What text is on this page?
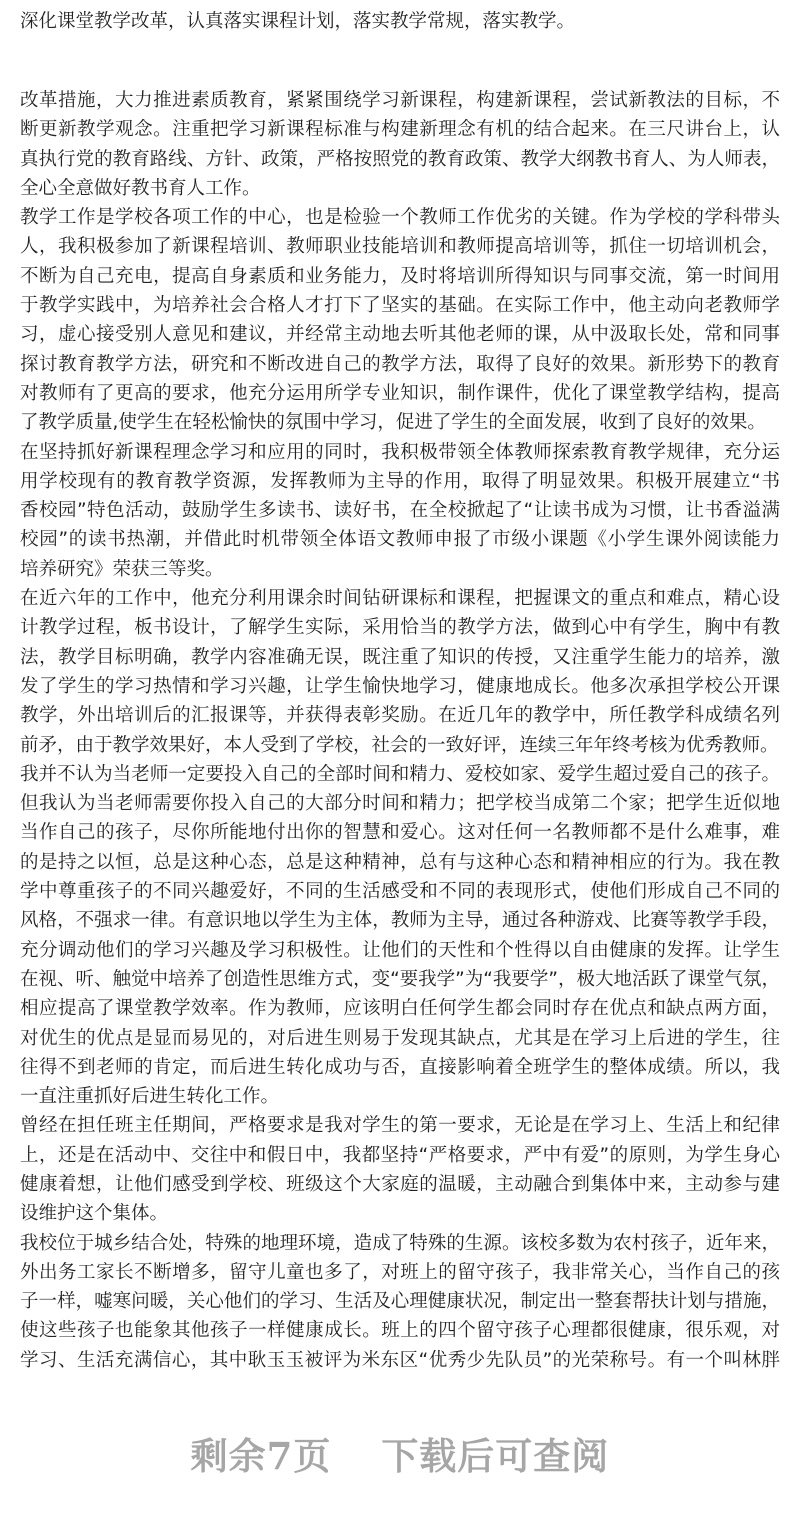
深化课堂教学改革，认真落实课程计划，落实教学常规，落实教学。
改革措施，大力推进素质教育，紧紧围绕学习新课程，构建新课程，尝试新教法的目标，不
断更新教学观念。注重把学习新课程标准与构建新理念有机的结合起来。在三尺讲台上，认
真执行党的教育路线、方针、政策，严格按照党的教育政策、教学大纲教书育人、为人师表，
全心全意做好教书育人工作。
教学工作是学校各项工作的中心，也是检验一个教师工作优劣的关键。作为学校的学科带头
人，我积极参加了新课程培训、教师职业技能培训和教师提高培训等，抓住一切培训机会，
不断为自己充电，提高自身素质和业务能力，及时将培训所得知识与同事交流，第一时间用
于教学实践中，为培养社会合格人才打下了坚实的基础。在实际工作中，他主动向老教师学
习，虚心接受别人意见和建议，并经常主动地去听其他老师的课，从中汲取长处，常和同事
探讨教育教学方法，研究和不断改进自己的教学方法，取得了良好的效果。新形势下的教育
对教师有了更高的要求，他充分运用所学专业知识，制作课件，优化了课堂教学结构，提高
了教学质量,使学生在轻松愉快的氛围中学习，促进了学生的全面发展，收到了良好的效果。
在坚持抓好新课程理念学习和应用的同时，我积极带领全体教师探索教育教学规律，充分运
用学校现有的教育教学资源，发挥教师为主导的作用，取得了明显效果。积极开展建立“书
香校园”特色活动，鼓励学生多读书、读好书，在全校掀起了“让读书成为习惯，让书香溢满
校园”的读书热潮，并借此时机带领全体语文教师申报了市级小课题《小学生课外阅读能力
培养研究》荣获三等奖。
在近六年的工作中，他充分利用课余时间钻研课标和课程，把握课文的重点和难点，精心设
计教学过程，板书设计，了解学生实际，采用恰当的教学方法，做到心中有学生，胸中有教
法，教学目标明确，教学内容准确无误，既注重了知识的传授，又注重学生能力的培养，激
发了学生的学习热情和学习兴趣，让学生愉快地学习，健康地成长。他多次承担学校公开课
教学，外出培训后的汇报课等，并获得表彰奖励。在近几年的教学中，所任教学科成绩名列
前矛，由于教学效果好，本人受到了学校，社会的一致好评，连续三年年终考核为优秀教师。
我并不认为当老师一定要投入自己的全部时间和精力、爱校如家、爱学生超过爱自己的孩子。
但我认为当老师需要你投入自己的大部分时间和精力；把学校当成第二个家；把学生近似地
当作自己的孩子，尽你所能地付出你的智慧和爱心。这对任何一名教师都不是什么难事，难
的是持之以恒，总是这种心态，总是这种精神，总有与这种心态和精神相应的行为。我在教
学中尊重孩子的不同兴趣爱好，不同的生活感受和不同的表现形式，使他们形成自己不同的
风格，不强求一律。有意识地以学生为主体，教师为主导，通过各种游戏、比赛等教学手段，
充分调动他们的学习兴趣及学习积极性。让他们的天性和个性得以自由健康的发挥。让学生
在视、听、触觉中培养了创造性思维方式，变“要我学”为“我要学”，极大地活跃了课堂气氛，
相应提高了课堂教学效率。作为教师，应该明白任何学生都会同时存在优点和缺点两方面，
对优生的优点是显而易见的，对后进生则易于发现其缺点，尤其是在学习上后进的学生，往
往得不到老师的肯定，而后进生转化成功与否，直接影响着全班学生的整体成绩。所以，我
一直注重抓好后进生转化工作。
曾经在担任班主任期间，严格要求是我对学生的第一要求，无论是在学习上、生活上和纪律
上，还是在活动中、交往中和假日中，我都坚持“严格要求，严中有爱”的原则，为学生身心
健康着想，让他们感受到学校、班级这个大家庭的温暖，主动融合到集体中来，主动参与建
设维护这个集体。
我校位于城乡结合处，特殊的地理环境，造成了特殊的生源。该校多数为农村孩子，近年来，
外出务工家长不断增多，留守儿童也多了，对班上的留守孩子，我非常关心，当作自己的孩
子一样，嘘寒问暖，关心他们的学习、生活及心理健康状况，制定出一整套帮扶计划与措施，
使这些孩子也能象其他孩子一样健康成长。班上的四个留守孩子心理都很健康，很乐观，对
学习、生活充满信心，其中耿玉玉被评为米东区“优秀少先队员”的光荣称号。有一个叫林胖
剩余7页 下载后可查阅
